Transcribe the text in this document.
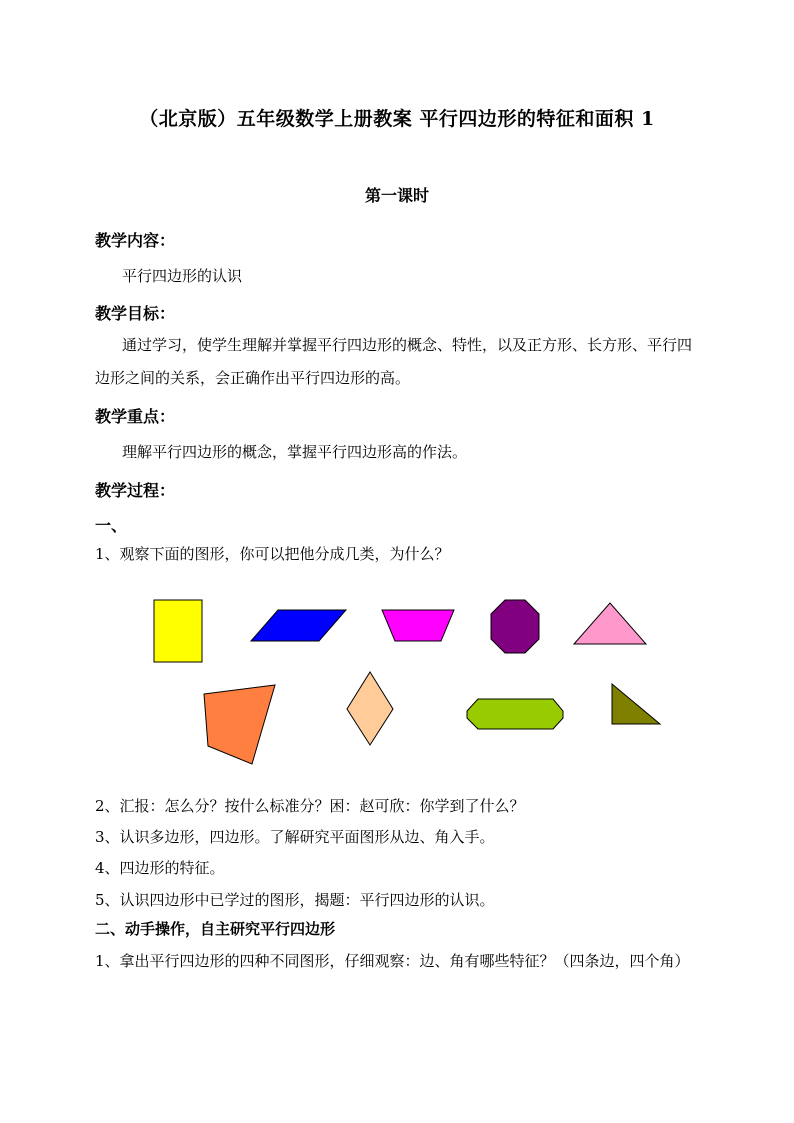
（北京版）五年级数学上册教案 平行四边形的特征和面积 1
第一课时
教学内容：
平行四边形的认识
教学目标：
通过学习，使学生理解并掌握平行四边形的概念、特性，以及正方形、长方形、平行四边形之间的关系，会正确作出平行四边形的高。
教学重点：
理解平行四边形的概念，掌握平行四边形高的作法。
教学过程：
一、
1、观察下面的图形，你可以把他分成几类，为什么？
2、汇报：怎么分？按什么标准分？困：赵可欣：你学到了什么？
3、认识多边形，四边形。了解研究平面图形从边、角入手。
4、四边形的特征。
5、认识四边形中已学过的图形，揭题：平行四边形的认识。
二、动手操作，自主研究平行四边形
1、拿出平行四边形的四种不同图形，仔细观察：边、角有哪些特征？（四条边，四个角）
